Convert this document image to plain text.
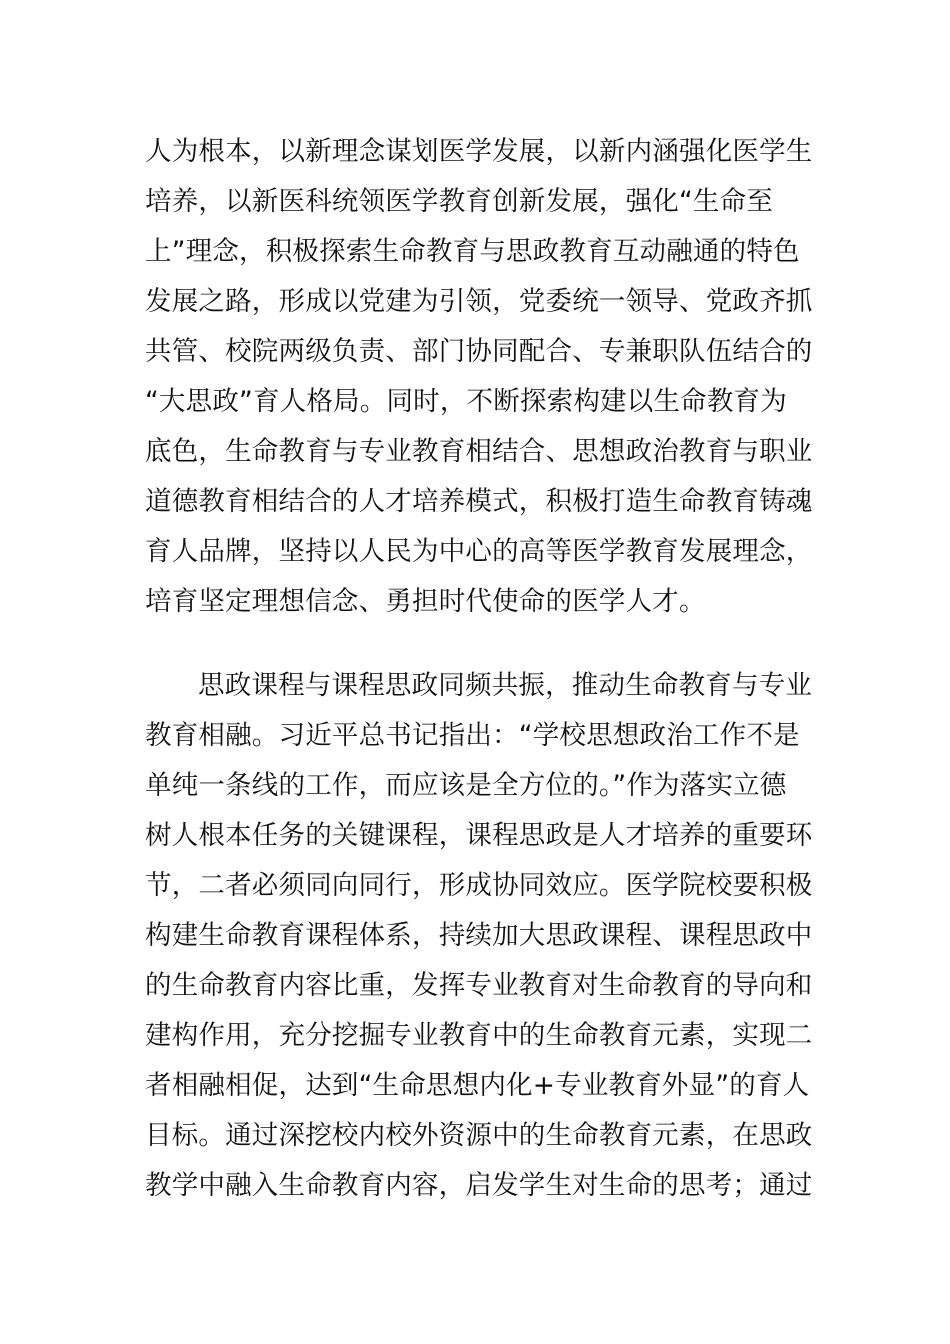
人为根本，以新理念谋划医学发展，以新内涵强化医学生
培养，以新医科统领医学教育创新发展，强化“生命至
上”理念，积极探索生命教育与思政教育互动融通的特色
发展之路，形成以党建为引领，党委统一领导、党政齐抓
共管、校院两级负责、部门协同配合、专兼职队伍结合的
“大思政”育人格局。同时，不断探索构建以生命教育为
底色，生命教育与专业教育相结合、思想政治教育与职业
道德教育相结合的人才培养模式，积极打造生命教育铸魂
育人品牌，坚持以人民为中心的高等医学教育发展理念，
培育坚定理想信念、勇担时代使命的医学人才。
思政课程与课程思政同频共振，推动生命教育与专业
教育相融。习近平总书记指出：“学校思想政治工作不是
单纯一条线的工作，而应该是全方位的。”作为落实立德
树人根本任务的关键课程，课程思政是人才培养的重要环
节，二者必须同向同行，形成协同效应。医学院校要积极
构建生命教育课程体系，持续加大思政课程、课程思政中
的生命教育内容比重，发挥专业教育对生命教育的导向和
建构作用，充分挖掘专业教育中的生命教育元素，实现二
者相融相促，达到“生命思想内化+专业教育外显”的育人
目标。通过深挖校内校外资源中的生命教育元素，在思政
教学中融入生命教育内容，启发学生对生命的思考；通过
